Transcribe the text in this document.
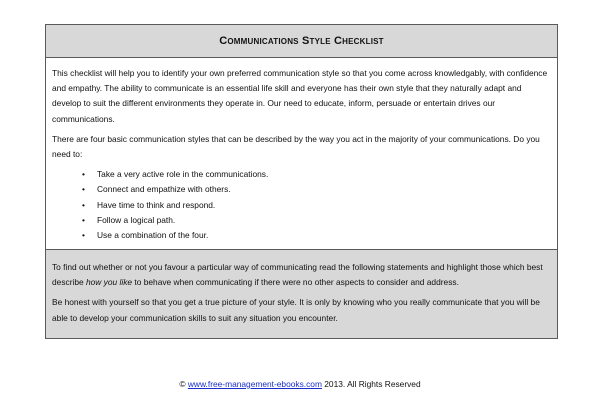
Communications Style Checklist

This checklist will help you to identify your own preferred communication style so that you come across knowledgably, with confidence and empathy. The ability to communicate is an essential life skill and everyone has their own style that they naturally adapt and develop to suit the different environments they operate in. Our need to educate, inform, persuade or entertain drives our communications.

There are four basic communication styles that can be described by the way you act in the majority of your communications. Do you need to:

• Take a very active role in the communications.
• Connect and empathize with others.
• Have time to think and respond.
• Follow a logical path.
• Use a combination of the four.

To find out whether or not you favour a particular way of communicating read the following statements and highlight those which best describe how you like to behave when communicating if there were no other aspects to consider and address.

Be honest with yourself so that you get a true picture of your style. It is only by knowing who you really communicate that you will be able to develop your communication skills to suit any situation you encounter.

© www.free-management-ebooks.com 2013. All Rights Reserved
